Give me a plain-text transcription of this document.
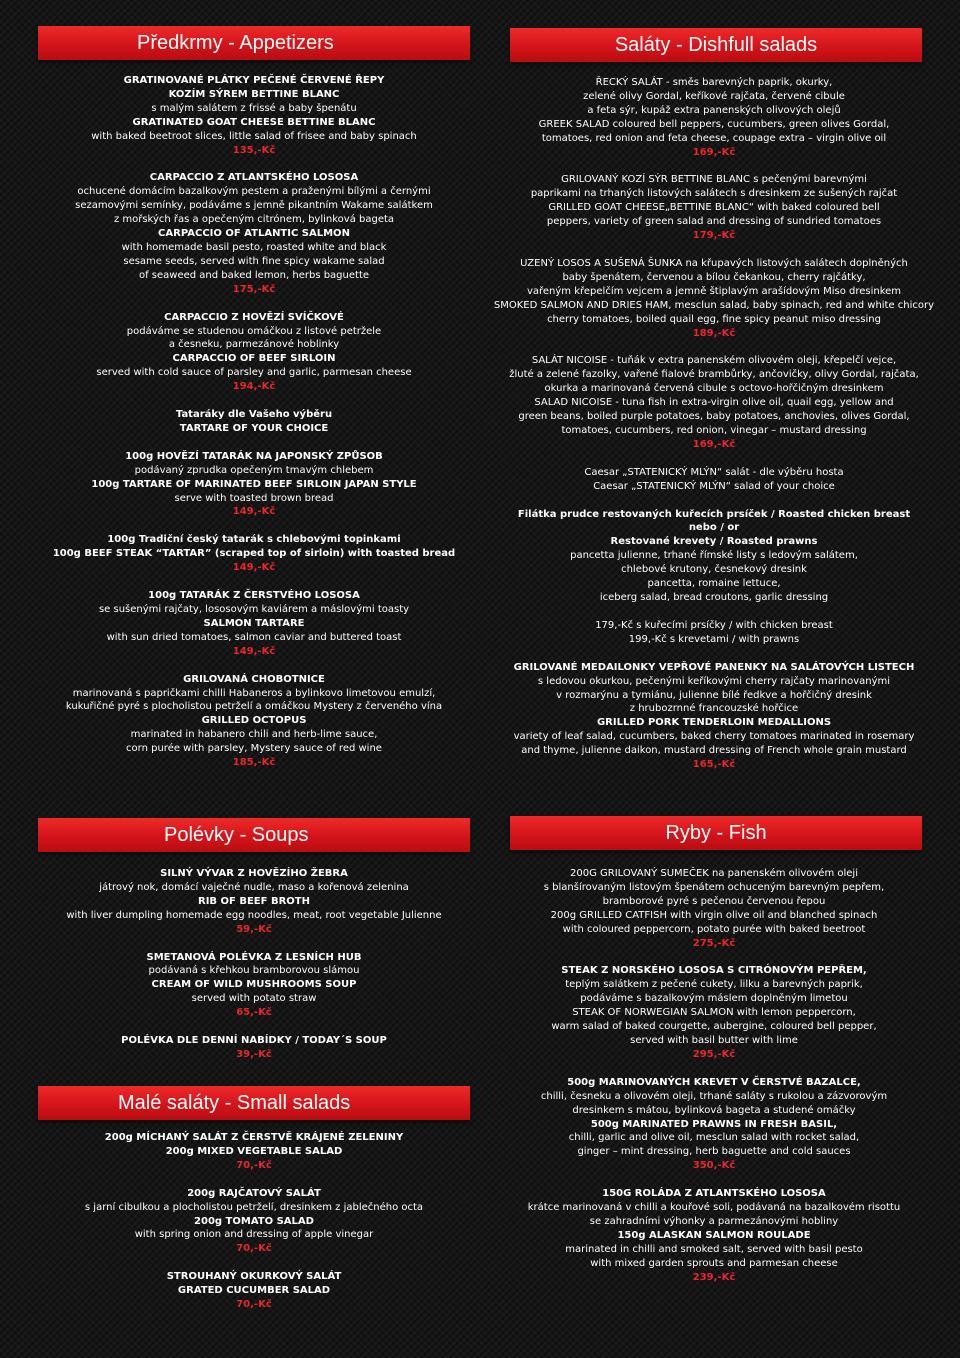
Předkrmy - Appetizers	Saláty - Dishfull salads
Polévky - Soups	Ryby - Fish
Malé saláty - Small salads

GRATINOVANÉ PLÁTKY PEČENÉ ČERVENÉ ŘEPY

KOZÍM SÝREM BETTINE BLANC

s malým salátem z frissé a baby špenátu

GRATINATED GOAT CHEESE BETTINE BLANC

with baked beetroot slices, little salad of frisee and baby spinach

135,-Kč

CARPACCIO Z ATLANTSKÉHO LOSOSA

ochucené domácím bazalkovým pestem a praženými bílými a černými

sezamovými semínky, podáváme s jemně pikantním Wakame salátkem

z mořských řas a opečeným citrónem, bylinková bageta

CARPACCIO OF ATLANTIC SALMON

with homemade basil pesto, roasted white and black

sesame seeds, served with fine spicy wakame salad

of seaweed and baked lemon, herbs baguette

175,-Kč

CARPACCIO Z HOVĚZÍ SVÍČKOVÉ

podáváme se studenou omáčkou z listové petržele

a česneku, parmezánové hoblinky

CARPACCIO OF BEEF SIRLOIN

served with cold sauce of parsley and garlic, parmesan cheese

194,-Kč

Tataráky dle Vašeho výběru

TARTARE OF YOUR CHOICE

100g HOVĚZÍ TATARÁK NA JAPONSKÝ ZPŮSOB

podávaný zprudka opečeným tmavým chlebem

100g TARTARE OF MARINATED BEEF SIRLOIN JAPAN STYLE

serve with toasted brown bread

149,-Kč

100g Tradiční český tatarák s chlebovými topinkami

100g BEEF STEAK “TARTAR” (scraped top of sirloin) with toasted bread

149,-Kč

100g TATARÁK Z ČERSTVÉHO LOSOSA

se sušenými rajčaty, lososovým kaviárem a máslovými toasty

SALMON TARTARE

with sun dried tomatoes, salmon caviar and buttered toast

149,-Kč

GRILOVANÁ CHOBOTNICE

marinovaná s papričkami chilli Habaneros a bylinkovo limetovou emulzí,

kukuřičné pyré s plocholistou petrželí a omáčkou Mystery z červeného vína

GRILLED OCTOPUS

marinated in habanero chili and herb-lime sauce,

corn purée with parsley, Mystery sauce of red wine

185,-Kč

ŘECKÝ SALÁT - směs barevných paprik, okurky,

zelené olivy Gordal, keříkové rajčata, červené cibule

a feta sýr, kupáž extra panenských olivových olejů

GREEK SALAD coloured bell peppers, cucumbers, green olives Gordal,

tomatoes, red onion and feta cheese, coupage extra – virgin olive oil

169,-Kč

GRILOVANÝ KOZÍ SÝR BETTINE BLANC s pečenými barevnými

paprikami na trhaných listových salátech s dresinkem ze sušených rajčat

GRILLED GOAT CHEESE„BETTINE BLANC“ with baked coloured bell

peppers, variety of green salad and dressing of sundried tomatoes

179,-Kč

UZENÝ LOSOS A SUŠENÁ ŠUNKA na křupavých listových salátech doplněných

baby špenátem, červenou a bílou čekankou, cherry rajčátky,

vařeným křepelčím vejcem a jemně štiplavým arašídovým Miso dresinkem

SMOKED SALMON AND DRIES HAM, mesclun salad, baby spinach, red and white chicory

cherry tomatoes, boiled quail egg, fine spicy peanut miso dressing

189,-Kč

SALÁT NICOISE - tuňák v extra panenském olivovém oleji, křepelčí vejce,

žluté a zelené fazolky, vařené fialové brambůrky, ančovičky, olivy Gordal, rajčata,

okurka a marinovaná červená cibule s octovo-hořčičným dresinkem

SALAD NICOISE - tuna fish in extra-virgin olive oil, quail egg, yellow and

green beans, boiled purple potatoes, baby potatoes, anchovies, olives Gordal,

tomatoes, cucumbers, red onion, vinegar – mustard dressing

169,-Kč

Caesar „STATENICKÝ MLÝN“ salát - dle výběru hosta

Caesar „STATENICKÝ MLÝN“ salad of your choice

Filátka prudce restovaných kuřecích prsíček / Roasted chicken breast

nebo / or

Restované krevety / Roasted prawns

pancetta julienne, trhané římské listy s ledovým salátem,

chlebové krutony, česnekový dresink

pancetta, romaine lettuce,

iceberg salad, bread croutons, garlic dressing

179,-Kč s kuřecími prsíčky / with chicken breast

199,-Kč s krevetami / with prawns

GRILOVANÉ MEDAILONKY VEPŘOVÉ PANENKY NA SALÁTOVÝCH LISTECH

s ledovou okurkou, pečenými keříkovými cherry rajčaty marinovanými

v rozmarýnu a tymiánu, julienne bílé ředkve a hořčičný dresink

z hrubozrnné francouzské hořčice

GRILLED PORK TENDERLOIN MEDALLIONS

variety of leaf salad, cucumbers, baked cherry tomatoes marinated in rosemary

and thyme, julienne daikon, mustard dressing of French whole grain mustard

165,-Kč

SILNÝ VÝVAR Z HOVĚZÍHO ŽEBRA

játrový nok, domácí vaječné nudle, maso a kořenová zelenina

RIB OF BEEF BROTH

with liver dumpling homemade egg noodles, meat, root vegetable Julienne

59,-Kč

SMETANOVÁ POLÉVKA Z LESNÍCH HUB

podávaná s křehkou bramborovou slámou

CREAM OF WILD MUSHROOMS SOUP

served with potato straw

65,-Kč

POLÉVKA DLE DENNÍ NABÍDKY / TODAY´S SOUP

39,-Kč

200g MÍCHANÝ SALÁT Z ČERSTVĚ KRÁJENÉ ZELENINY

200g MIXED VEGETABLE SALAD

70,-Kč

200g RAJČATOVÝ SALÁT

s jarní cibulkou a plocholistou petrželí, dresinkem z jablečného octa

200g TOMATO SALAD

with spring onion and dressing of apple vinegar

70,-Kč

STROUHANÝ OKURKOVÝ SALÁT

GRATED CUCUMBER SALAD

70,-Kč

200G GRILOVANÝ SUMEČEK na panenském olivovém oleji

s blanšírovaným listovým špenátem ochuceným barevným pepřem,

bramborové pyré s pečenou červenou řepou

200g GRILLED CATFISH with virgin olive oil and blanched spinach

with coloured peppercorn, potato purée with baked beetroot

275,-Kč

STEAK Z NORSKÉHO LOSOSA S CITRÓNOVÝM PEPŘEM,

teplým salátkem z pečené cukety, lilku a barevných paprik,

podáváme s bazalkovým máslem doplněným limetou

STEAK OF NORWEGIAN SALMON with lemon peppercorn,

warm salad of baked courgette, aubergine, coloured bell pepper,

served with basil butter with lime

295,-Kč

500g MARINOVANÝCH KREVET V ČERSTVÉ BAZALCE,

chilli, česneku a olivovém oleji, trhané saláty s rukolou a zázvorovým

dresinkem s mátou, bylinková bageta a studené omáčky

500g MARINATED PRAWNS IN FRESH BASIL,

chilli, garlic and olive oil, mesclun salad with rocket salad,

ginger – mint dressing, herb baguette and cold sauces

350,-Kč

150G ROLÁDA Z ATLANTSKÉHO LOSOSA

krátce marinovaná v chilli a kouřové soli, podávaná na bazalkovém risottu

se zahradními výhonky a parmezánovými hobliny

150g ALASKAN SALMON ROULADE

marinated in chilli and smoked salt, served with basil pesto

with mixed garden sprouts and parmesan cheese

239,-Kč
